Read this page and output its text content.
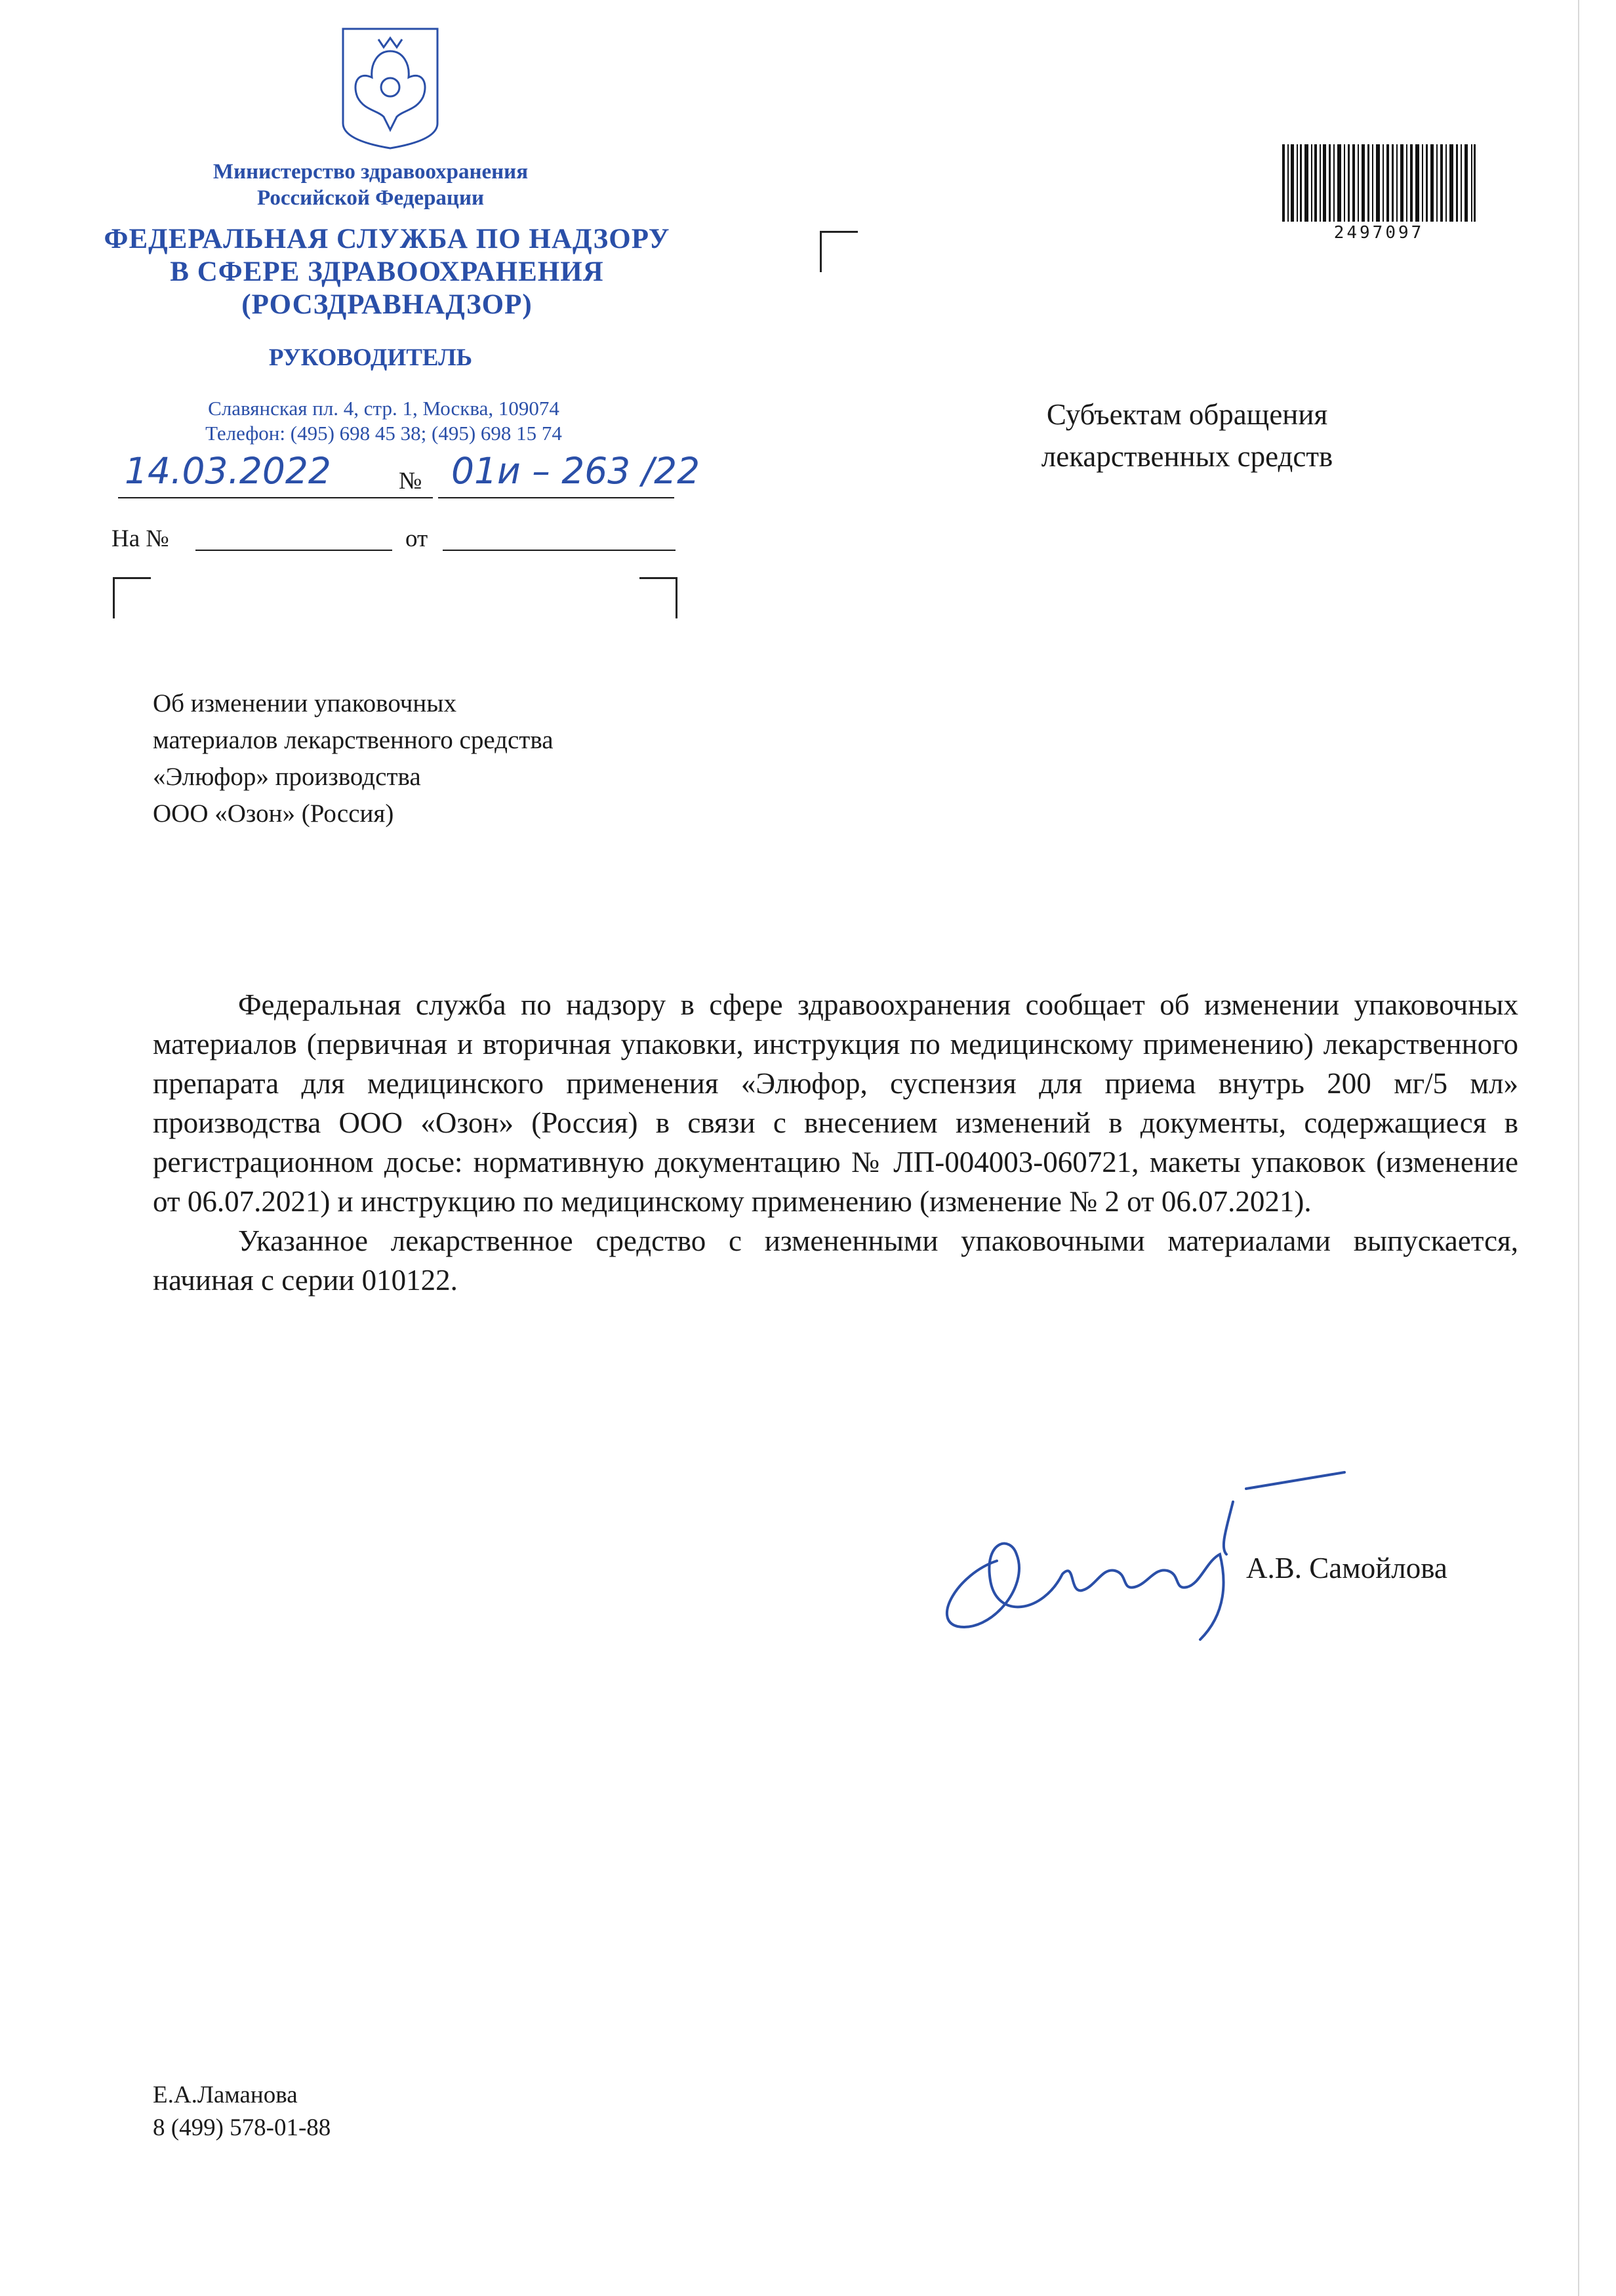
Министерство здравоохранения
Российской Федерации
ФЕДЕРАЛЬНАЯ СЛУЖБА ПО НАДЗОРУ
В СФЕРЕ ЗДРАВООХРАНЕНИЯ
(РОСЗДРАВНАДЗОР)
РУКОВОДИТЕЛЬ
Славянская пл. 4, стр. 1, Москва, 109074
Телефон: (495) 698 45 38; (495) 698 15 74
14.03.2022	№ 01и – 263 /22
На №	от
2497097
Субъектам обращения
лекарственных средств
Об изменении упаковочных
материалов лекарственного средства
«Элюфор» производства
ООО «Озон» (Россия)

Федеральная служба по надзору в сфере здравоохранения сообщает об изменении упаковочных материалов (первичная и вторичная упаковки, инструкция по медицинскому применению) лекарственного препарата для медицинского применения «Элюфор, суспензия для приема внутрь 200 мг/5 мл» производства ООО «Озон» (Россия) в связи с внесением изменений в документы, содержащиеся в регистрационном досье: нормативную документацию № ЛП-004003-060721, макеты упаковок (изменение от 06.07.2021) и инструкцию по медицинскому применению (изменение № 2 от 06.07.2021).

Указанное лекарственное средство с измененными упаковочными материалами выпускается, начиная с серии 010122.

А.В. Самойлова
Е.А.Ламанова
8 (499) 578-01-88
